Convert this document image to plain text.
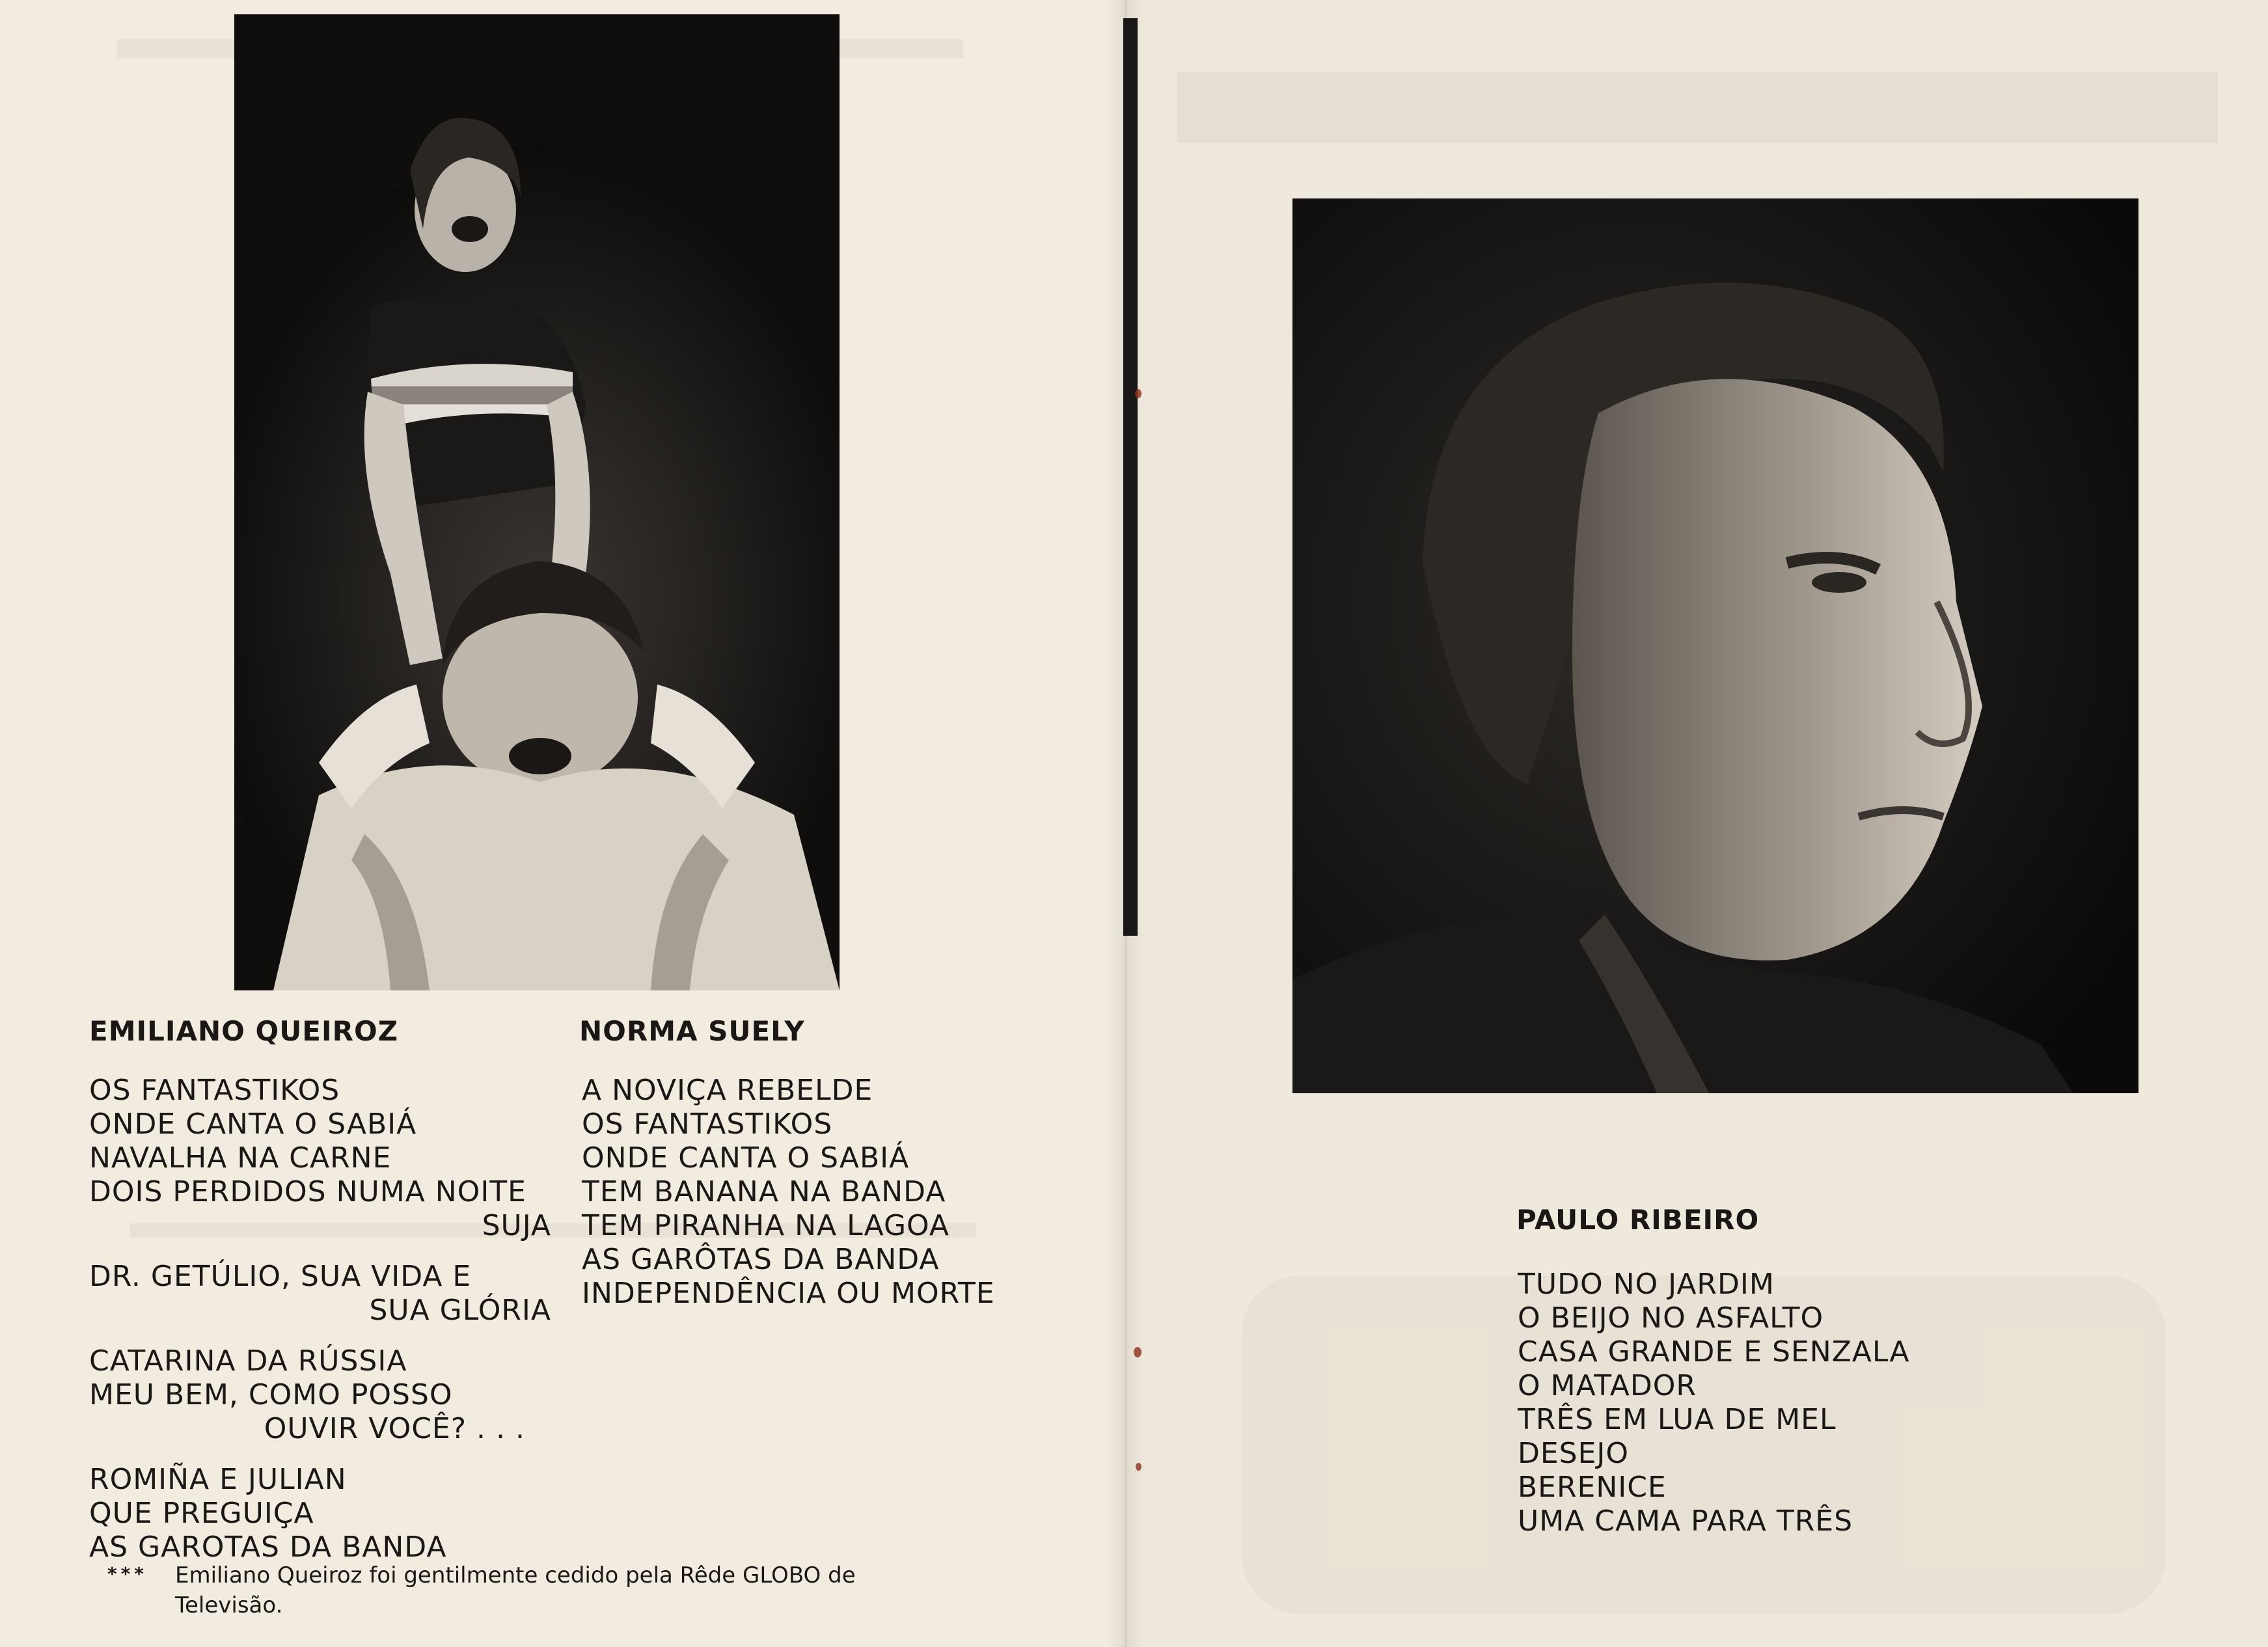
EMILIANO QUEIROZ
OS FANTASTIKOS
ONDE CANTA O SABIÁ
NAVALHA NA CARNE
DOIS PERDIDOS NUMA NOITE
SUJA
DR. GETÚLIO, SUA VIDA E
SUA GLÓRIA
CATARINA DA RÚSSIA
MEU BEM, COMO POSSO
OUVIR VOCÊ? . . .
ROMIÑA E JULIAN
QUE PREGUIÇA
AS GAROTAS DA BANDA
NORMA SUELY
A NOVIÇA REBELDE
OS FANTASTIKOS
ONDE CANTA O SABIÁ
TEM BANANA NA BANDA
TEM PIRANHA NA LAGOA
AS GARÔTAS DA BANDA
INDEPENDÊNCIA OU MORTE
*** Emiliano Queiroz foi gentilmente cedido pela Rêde GLOBO de
Televisão.
PAULO RIBEIRO
TUDO NO JARDIM
O BEIJO NO ASFALTO
CASA GRANDE E SENZALA
O MATADOR
TRÊS EM LUA DE MEL
DESEJO
BERENICE
UMA CAMA PARA TRÊS
